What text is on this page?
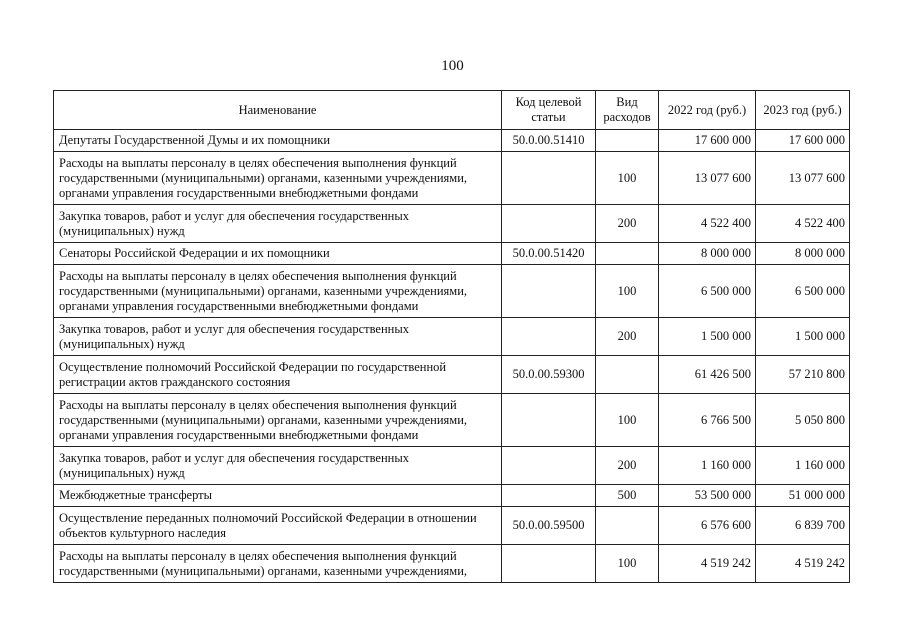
100
Наименование	Код целевой статьи	Вид расходов	2022 год (руб.)	2023 год (руб.)
Депутаты Государственной Думы и их помощники	50.0.00.51410		17 600 000	17 600 000
Расходы на выплаты персоналу в целях обеспечения выполнения функций государственными (муниципальными) органами, казенными учреждениями, органами управления государственными внебюджетными фондами		100	13 077 600	13 077 600
Закупка товаров, работ и услуг для обеспечения государственных (муниципальных) нужд		200	4 522 400	4 522 400
Сенаторы Российской Федерации и их помощники	50.0.00.51420		8 000 000	8 000 000
Расходы на выплаты персоналу в целях обеспечения выполнения функций государственными (муниципальными) органами, казенными учреждениями, органами управления государственными внебюджетными фондами		100	6 500 000	6 500 000
Закупка товаров, работ и услуг для обеспечения государственных (муниципальных) нужд		200	1 500 000	1 500 000
Осуществление полномочий Российской Федерации по государственной регистрации актов гражданского состояния	50.0.00.59300		61 426 500	57 210 800
Расходы на выплаты персоналу в целях обеспечения выполнения функций государственными (муниципальными) органами, казенными учреждениями, органами управления государственными внебюджетными фондами		100	6 766 500	5 050 800
Закупка товаров, работ и услуг для обеспечения государственных (муниципальных) нужд		200	1 160 000	1 160 000
Межбюджетные трансферты		500	53 500 000	51 000 000
Осуществление переданных полномочий Российской Федерации в отношении объектов культурного наследия	50.0.00.59500		6 576 600	6 839 700
Расходы на выплаты персоналу в целях обеспечения выполнения функций государственными (муниципальными) органами, казенными учреждениями,		100	4 519 242	4 519 242
